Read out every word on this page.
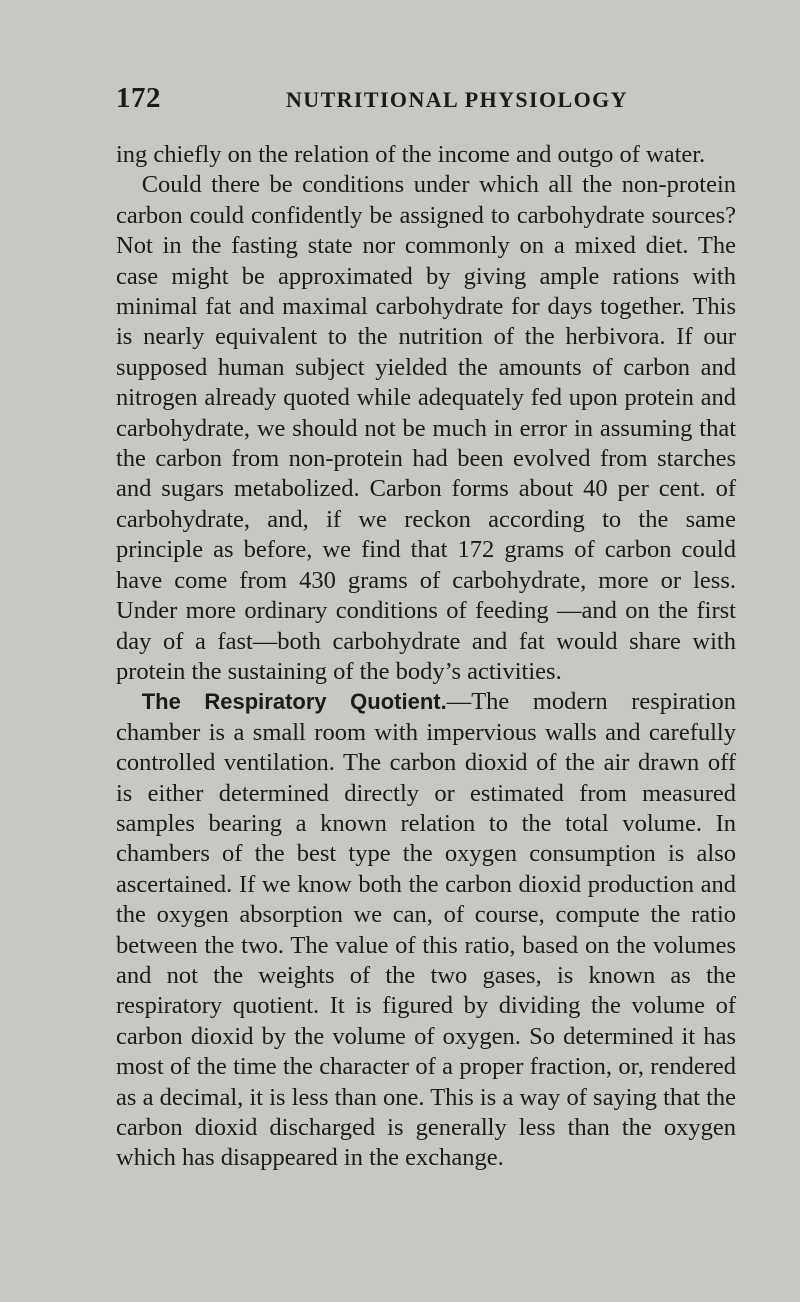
172	NUTRITIONAL PHYSIOLOGY

ing chiefly on the relation of the income and outgo of water.

Could there be conditions under which all the non-protein carbon could confidently be assigned to carbohydrate sources? Not in the fasting state nor commonly on a mixed diet. The case might be approximated by giving ample rations with minimal fat and maximal carbohydrate for days together. This is nearly equivalent to the nutrition of the herbivora. If our supposed human subject yielded the amounts of carbon and nitrogen already quoted while adequately fed upon protein and carbohydrate, we should not be much in error in assuming that the carbon from non-protein had been evolved from starches and sugars metabolized. Carbon forms about 40 per cent. of carbohydrate, and, if we reckon according to the same principle as before, we find that 172 grams of carbon could have come from 430 grams of carbohydrate, more or less. Under more ordinary conditions of feeding —and on the first day of a fast—both carbohydrate and fat would share with protein the sustaining of the body’s activities.

The Respiratory Quotient.—The modern respiration chamber is a small room with impervious walls and carefully controlled ventilation. The carbon dioxid of the air drawn off is either determined directly or estimated from measured samples bearing a known relation to the total volume. In chambers of the best type the oxygen consumption is also ascertained. If we know both the carbon dioxid production and the oxygen absorption we can, of course, compute the ratio between the two. The value of this ratio, based on the volumes and not the weights of the two gases, is known as the respiratory quotient. It is figured by dividing the volume of carbon dioxid by the volume of oxygen. So determined it has most of the time the character of a proper fraction, or, rendered as a decimal, it is less than one. This is a way of saying that the carbon dioxid discharged is generally less than the oxygen which has disappeared in the exchange.
